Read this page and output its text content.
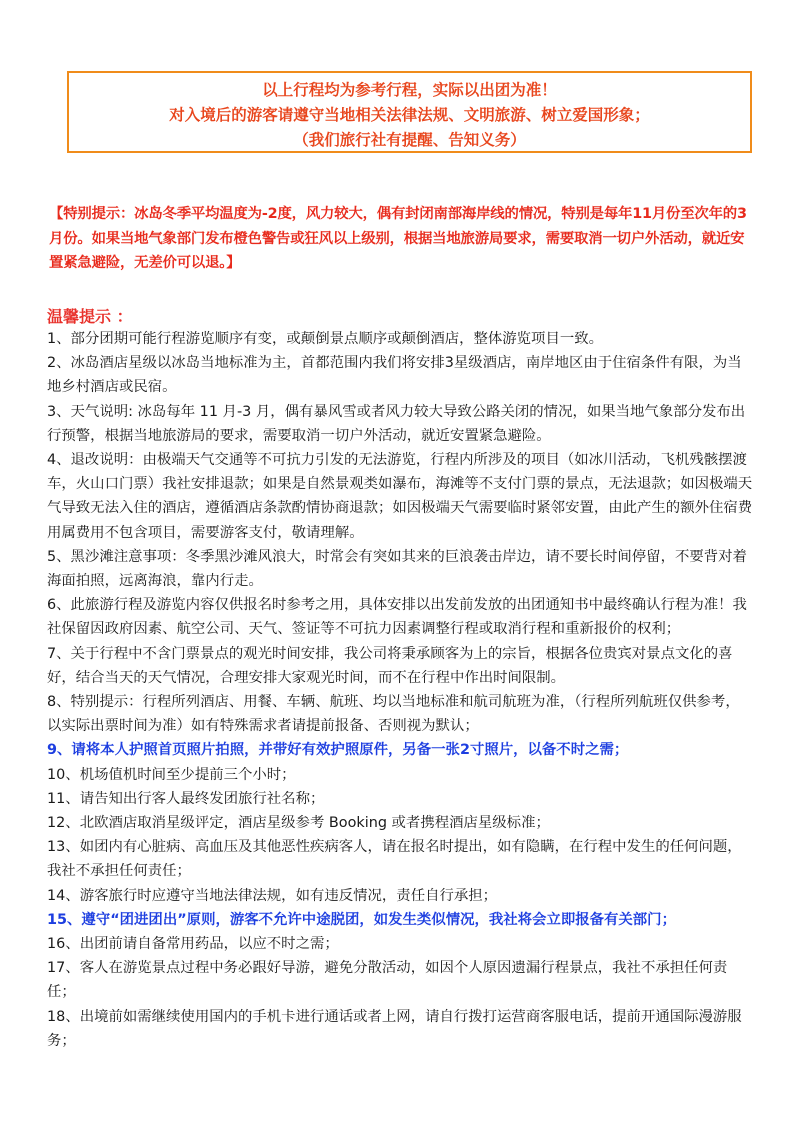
以上行程均为参考行程，实际以出团为准！
对入境后的游客请遵守当地相关法律法规、文明旅游、树立爱国形象；
（我们旅行社有提醒、告知义务）
【特别提示：冰岛冬季平均温度为-2度，风力较大，偶有封闭南部海岸线的情况，特别是每年11月份至次年的3月份。如果当地气象部门发布橙色警告或狂风以上级别，根据当地旅游局要求，需要取消一切户外活动，就近安置紧急避险，无差价可以退。】
温馨提示 ：

1、部分团期可能行程游览顺序有变，或颠倒景点顺序或颠倒酒店，整体游览项目一致。

2、冰岛酒店星级以冰岛当地标准为主，首都范围内我们将安排3星级酒店，南岸地区由于住宿条件有限，为当地乡村酒店或民宿。

3、天气说明: 冰岛每年 11 月-3 月，偶有暴风雪或者风力较大导致公路关闭的情况，如果当地气象部分发布出行预警，根据当地旅游局的要求，需要取消一切户外活动，就近安置紧急避险。

4、退改说明：由极端天气交通等不可抗力引发的无法游览，行程内所涉及的项目（如冰川活动，飞机残骸摆渡车，火山口门票）我社安排退款；如果是自然景观类如瀑布，海滩等不支付门票的景点，无法退款；如因极端天气导致无法入住的酒店，遵循酒店条款酌情协商退款；如因极端天气需要临时紧邻安置，由此产生的额外住宿费用属费用不包含项目，需要游客支付，敬请理解。

5、黑沙滩注意事项：冬季黑沙滩风浪大，时常会有突如其来的巨浪袭击岸边，请不要长时间停留，不要背对着海面拍照，远离海浪，靠内行走。

6、此旅游行程及游览内容仅供报名时参考之用，具体安排以出发前发放的出团通知书中最终确认行程为准！我社保留因政府因素、航空公司、天气、签证等不可抗力因素调整行程或取消行程和重新报价的权利；

7、关于行程中不含门票景点的观光时间安排，我公司将秉承顾客为上的宗旨，根据各位贵宾对景点文化的喜好，结合当天的天气情况，合理安排大家观光时间，而不在行程中作出时间限制。

8、特别提示：行程所列酒店、用餐、车辆、航班、均以当地标准和航司航班为准，（行程所列航班仅供参考，以实际出票时间为准）如有特殊需求者请提前报备、否则视为默认；

9、请将本人护照首页照片拍照，并带好有效护照原件，另备一张2寸照片，以备不时之需；

10、机场值机时间至少提前三个小时；

11、请告知出行客人最终发团旅行社名称；

12、北欧酒店取消星级评定，酒店星级参考 Booking 或者携程酒店星级标准；

13、如团内有心脏病、高血压及其他恶性疾病客人，请在报名时提出，如有隐瞒，在行程中发生的任何问题，我社不承担任何责任；

14、游客旅行时应遵守当地法律法规，如有违反情况，责任自行承担；

15、遵守“团进团出”原则，游客不允许中途脱团，如发生类似情况，我社将会立即报备有关部门；

16、出团前请自备常用药品，以应不时之需；

17、客人在游览景点过程中务必跟好导游，避免分散活动，如因个人原因遗漏行程景点，我社不承担任何责任；

18、出境前如需继续使用国内的手机卡进行通话或者上网，请自行拨打运营商客服电话，提前开通国际漫游服务；
